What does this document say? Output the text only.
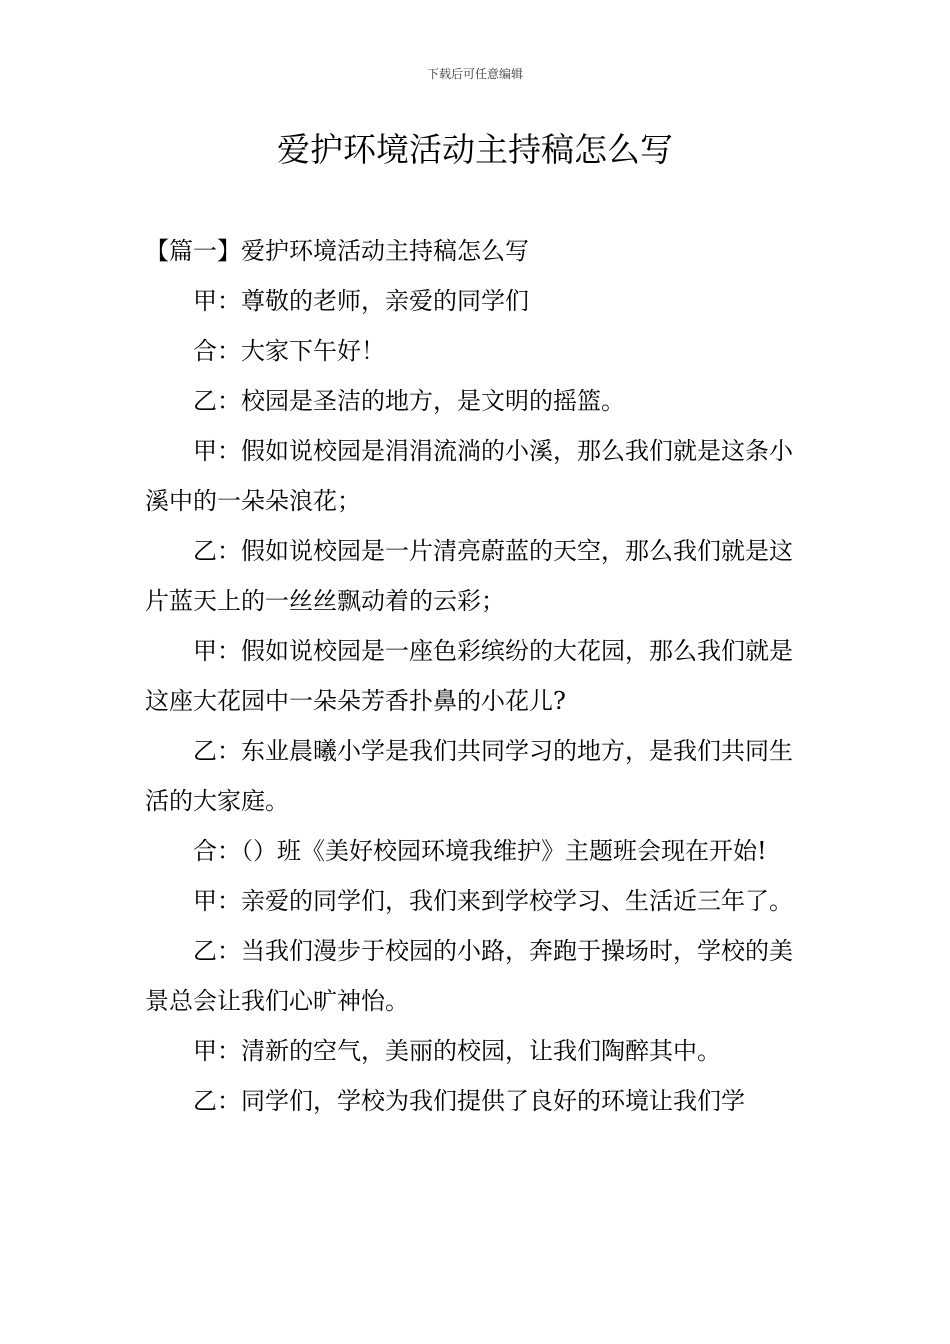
下载后可任意编辑
爱护环境活动主持稿怎么写

【篇一】爱护环境活动主持稿怎么写

甲：尊敬的老师，亲爱的同学们

合：大家下午好！

乙：校园是圣洁的地方，是文明的摇篮。

甲：假如说校园是涓涓流淌的小溪，那么我们就是这条小溪中的一朵朵浪花；

乙：假如说校园是一片清亮蔚蓝的天空，那么我们就是这片蓝天上的一丝丝飘动着的云彩；

甲：假如说校园是一座色彩缤纷的大花园，那么我们就是这座大花园中一朵朵芳香扑鼻的小花儿?

乙：东业晨曦小学是我们共同学习的地方，是我们共同生活的大家庭。

合：（）班《美好校园环境我维护》主题班会现在开始!

甲：亲爱的同学们，我们来到学校学习、生活近三年了。

乙：当我们漫步于校园的小路，奔跑于操场时，学校的美景总会让我们心旷神怡。

甲：清新的空气，美丽的校园，让我们陶醉其中。

乙：同学们，学校为我们提供了良好的环境让我们学
